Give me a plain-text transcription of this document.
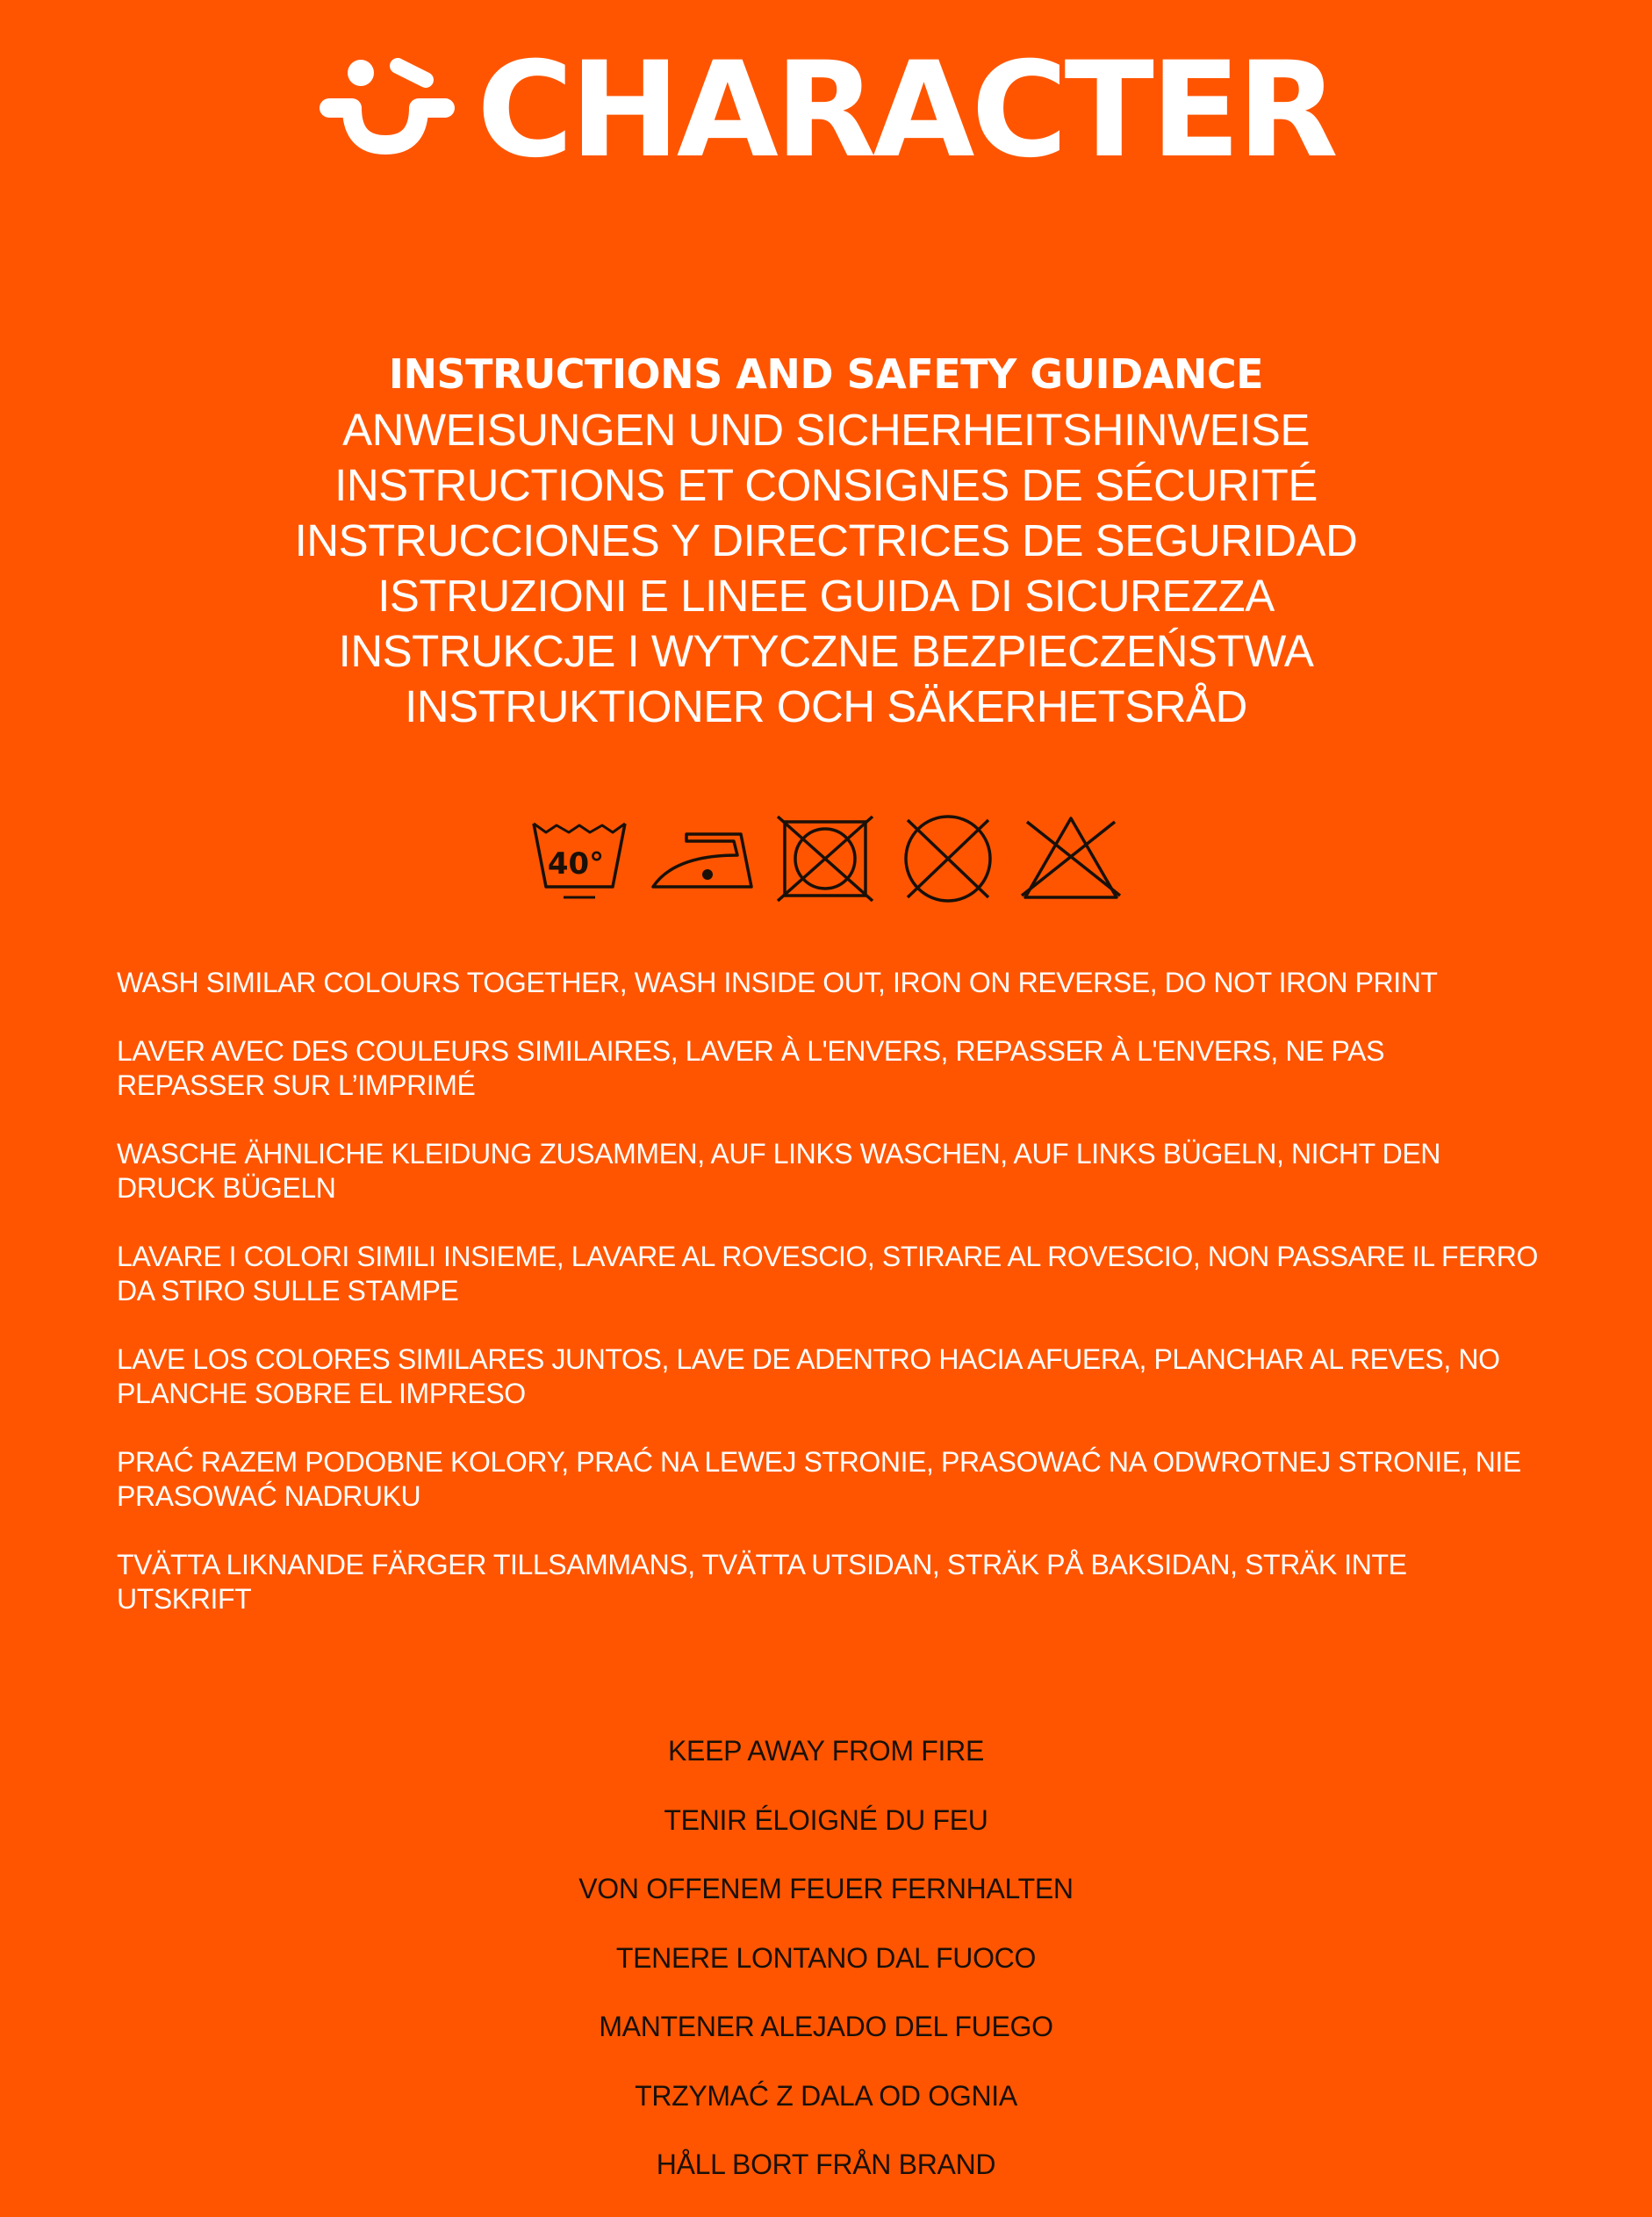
CHARACTER
INSTRUCTIONS AND SAFETY GUIDANCE
ANWEISUNGEN UND SICHERHEITSHINWEISE
INSTRUCTIONS ET CONSIGNES DE SÉCURITÉ
INSTRUCCIONES Y DIRECTRICES DE SEGURIDAD
ISTRUZIONI E LINEE GUIDA DI SICUREZZA
INSTRUKCJE I WYTYCZNE BEZPIECZEŃSTWA
INSTRUKTIONER OCH SÄKERHETSRÅD
40°

WASH SIMILAR COLOURS TOGETHER, WASH INSIDE OUT, IRON ON REVERSE, DO NOT IRON PRINT

LAVER AVEC DES COULEURS SIMILAIRES, LAVER À L'ENVERS, REPASSER À L'ENVERS, NE PAS REPASSER SUR L’IMPRIMÉ

WASCHE ÄHNLICHE KLEIDUNG ZUSAMMEN, AUF LINKS WASCHEN, AUF LINKS BÜGELN, NICHT DEN DRUCK BÜGELN

LAVARE I COLORI SIMILI INSIEME, LAVARE AL ROVESCIO, STIRARE AL ROVESCIO, NON PASSARE IL FERRO DA STIRO SULLE STAMPE

LAVE LOS COLORES SIMILARES JUNTOS, LAVE DE ADENTRO HACIA AFUERA, PLANCHAR AL REVES, NO PLANCHE SOBRE EL IMPRESO

PRAĆ RAZEM PODOBNE KOLORY, PRAĆ NA LEWEJ STRONIE, PRASOWAĆ NA ODWROTNEJ STRONIE, NIE PRASOWAĆ NADRUKU

TVÄTTA LIKNANDE FÄRGER TILLSAMMANS, TVÄTTA UTSIDAN, STRÄK PÅ BAKSIDAN, STRÄK INTE UTSKRIFT

KEEP AWAY FROM FIRE
TENIR ÉLOIGNÉ DU FEU
VON OFFENEM FEUER FERNHALTEN
TENERE LONTANO DAL FUOCO
MANTENER ALEJADO DEL FUEGO
TRZYMAĆ Z DALA OD OGNIA
HÅLL BORT FRÅN BRAND
